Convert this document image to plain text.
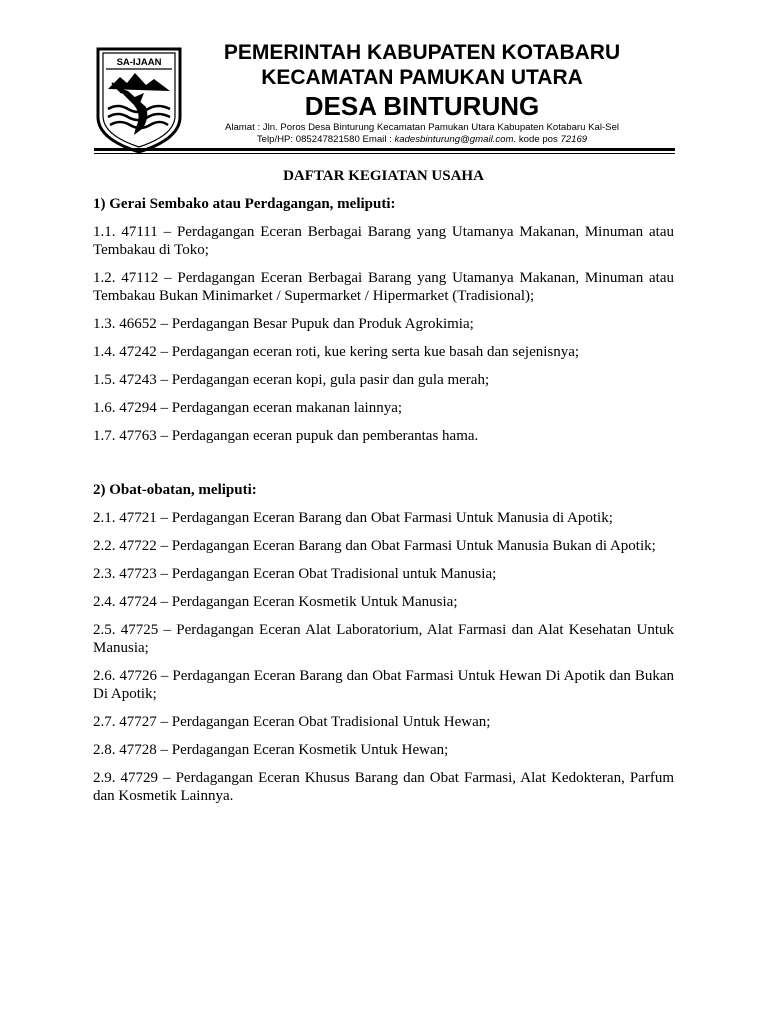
SA-IJAAN	PEMERINTAH KABUPATEN KOTABARU
KECAMATAN PAMUKAN UTARA
DESA BINTURUNG
Alamat : Jln. Poros Desa Binturung Kecamatan Pamukan Utara Kabupaten Kotabaru Kal-Sel
Telp/HP: 085247821580 Email : kadesbinturung@gmail.com. kode pos 72169

DAFTAR KEGIATAN USAHA

1) Gerai Sembako atau Perdagangan, meliputi:

1.1. 47111 – Perdagangan Eceran Berbagai Barang yang Utamanya Makanan, Minuman atau Tembakau di Toko;

1.2. 47112 – Perdagangan Eceran Berbagai Barang yang Utamanya Makanan, Minuman atau Tembakau Bukan Minimarket / Supermarket / Hipermarket (Tradisional);

1.3. 46652 – Perdagangan Besar Pupuk dan Produk Agrokimia;

1.4. 47242 – Perdagangan eceran roti, kue kering serta kue basah dan sejenisnya;

1.5. 47243 – Perdagangan eceran kopi, gula pasir dan gula merah;

1.6. 47294 – Perdagangan eceran makanan lainnya;

1.7. 47763 – Perdagangan eceran pupuk dan pemberantas hama.

2) Obat-obatan, meliputi:

2.1. 47721 – Perdagangan Eceran Barang dan Obat Farmasi Untuk Manusia di Apotik;

2.2. 47722 – Perdagangan Eceran Barang dan Obat Farmasi Untuk Manusia Bukan di Apotik;

2.3. 47723 – Perdagangan Eceran Obat Tradisional untuk Manusia;

2.4. 47724 – Perdagangan Eceran Kosmetik Untuk Manusia;

2.5. 47725 – Perdagangan Eceran Alat Laboratorium, Alat Farmasi dan Alat Kesehatan Untuk Manusia;

2.6. 47726 – Perdagangan Eceran Barang dan Obat Farmasi Untuk Hewan Di Apotik dan Bukan Di Apotik;

2.7. 47727 – Perdagangan Eceran Obat Tradisional Untuk Hewan;

2.8. 47728 – Perdagangan Eceran Kosmetik Untuk Hewan;

2.9. 47729 – Perdagangan Eceran Khusus Barang dan Obat Farmasi, Alat Kedokteran, Parfum dan Kosmetik Lainnya.
